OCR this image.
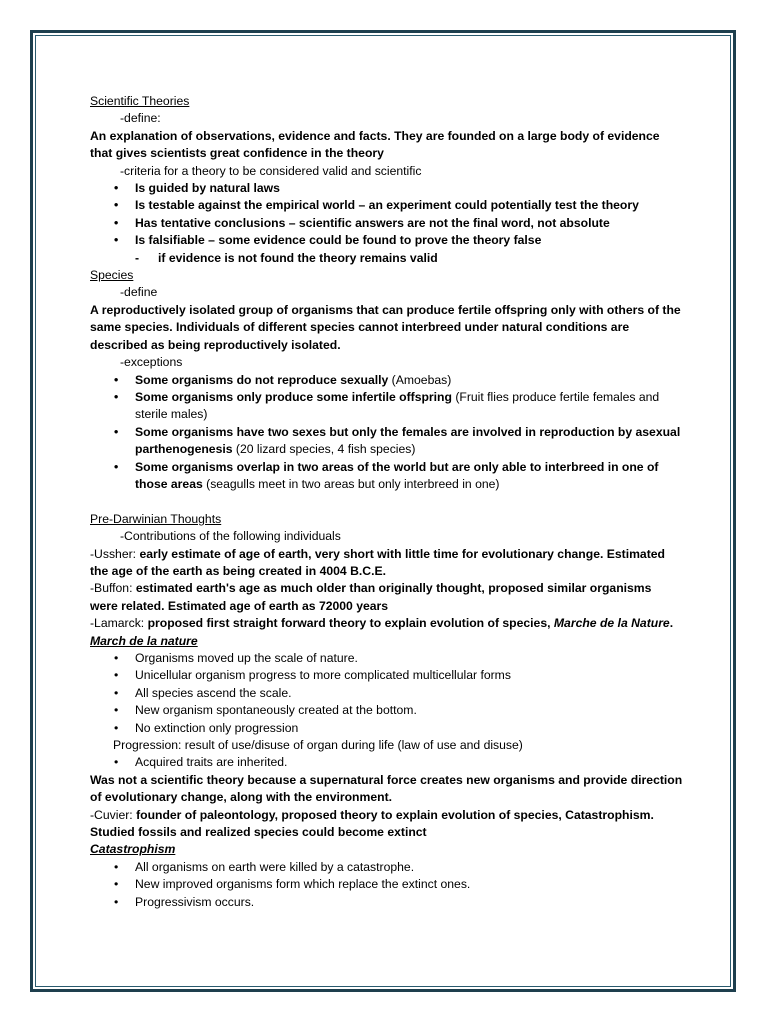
Scientific Theories
-define:
An explanation of observations, evidence and facts. They are founded on a large body of evidence
that gives scientists great confidence in the theory
-criteria for a theory to be considered valid and scientific
• Is guided by natural laws
• Is testable against the empirical world – an experiment could potentially test the theory
• Has tentative conclusions – scientific answers are not the final word, not absolute
• Is falsifiable – some evidence could be found to prove the theory false
- if evidence is not found the theory remains valid
Species
-define
A reproductively isolated group of organisms that can produce fertile offspring only with others of the
same species. Individuals of different species cannot interbreed under natural conditions are
described as being reproductively isolated.
-exceptions
• Some organisms do not reproduce sexually (Amoebas)
• Some organisms only produce some infertile offspring (Fruit flies produce fertile females and
sterile males)
• Some organisms have two sexes but only the females are involved in reproduction by asexual
parthenogenesis (20 lizard species, 4 fish species)
• Some organisms overlap in two areas of the world but are only able to interbreed in one of
those areas (seagulls meet in two areas but only interbreed in one)
Pre-Darwinian Thoughts
-Contributions of the following individuals
-Ussher: early estimate of age of earth, very short with little time for evolutionary change. Estimated
the age of the earth as being created in 4004 B.C.E.
-Buffon: estimated earth's age as much older than originally thought, proposed similar organisms
were related. Estimated age of earth as 72000 years
-Lamarck: proposed first straight forward theory to explain evolution of species, Marche de la Nature.
March de la nature
• Organisms moved up the scale of nature.
• Unicellular organism progress to more complicated multicellular forms
• All species ascend the scale.
• New organism spontaneously created at the bottom.
• No extinction only progression
Progression: result of use/disuse of organ during life (law of use and disuse)
• Acquired traits are inherited.
Was not a scientific theory because a supernatural force creates new organisms and provide direction
of evolutionary change, along with the environment.
-Cuvier: founder of paleontology, proposed theory to explain evolution of species, Catastrophism.
Studied fossils and realized species could become extinct
Catastrophism
• All organisms on earth were killed by a catastrophe.
• New improved organisms form which replace the extinct ones.
• Progressivism occurs.
